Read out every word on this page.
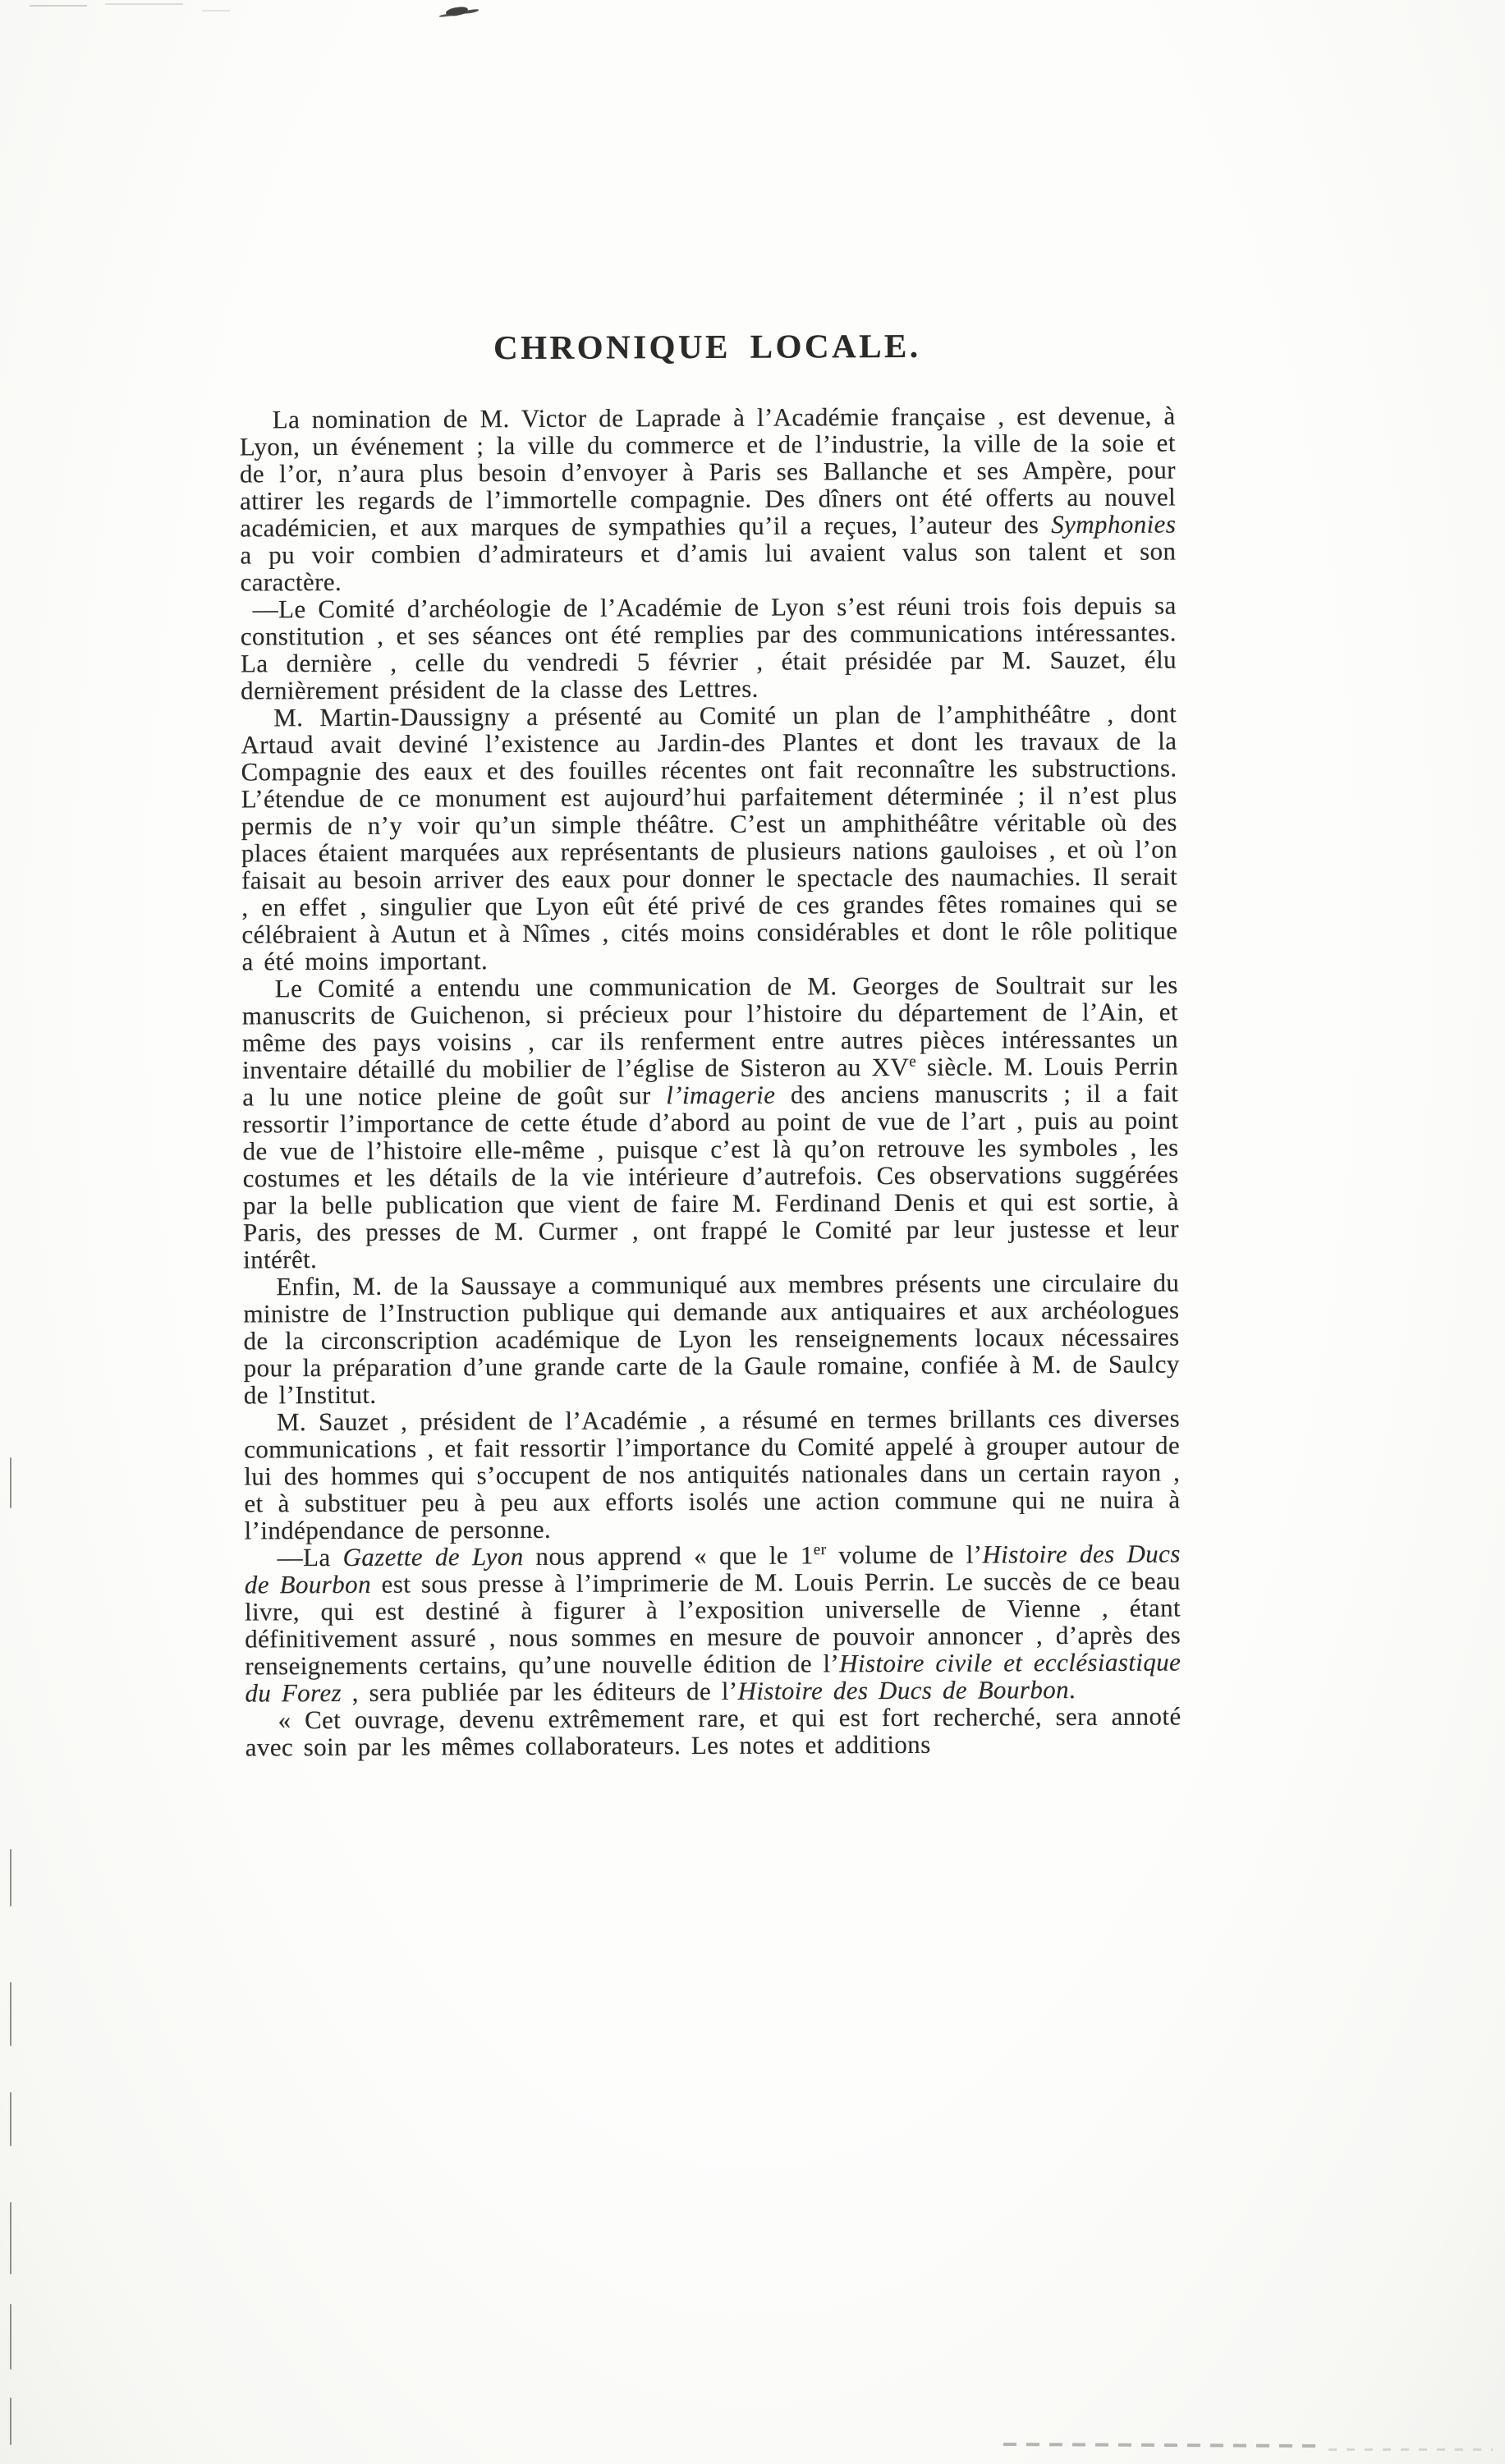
CHRONIQUE LOCALE.

La nomination de M. Victor de Laprade à l’Académie française , est devenue, à Lyon, un événement ; la ville du commerce et de l’industrie, la ville de la soie et de l’or, n’aura plus besoin d’envoyer à Paris ses Ballanche et ses Ampère, pour attirer les regards de l’immortelle compagnie. Des dîners ont été offerts au nouvel académicien, et aux marques de sympathies qu’il a reçues, l’auteur des Symphonies a pu voir combien d’admirateurs et d’amis lui avaient valus son talent et son caractère.

—Le Comité d’archéologie de l’Académie de Lyon s’est réuni trois fois depuis sa constitution , et ses séances ont été remplies par des communications intéressantes. La dernière , celle du vendredi 5 février , était présidée par M. Sauzet, élu dernièrement président de la classe des Lettres.

M. Martin-Daussigny a présenté au Comité un plan de l’amphithéâtre , dont Artaud avait deviné l’existence au Jardin-des Plantes et dont les travaux de la Compagnie des eaux et des fouilles récentes ont fait reconnaître les substructions. L’étendue de ce monument est aujourd’hui parfaitement déterminée ; il n’est plus permis de n’y voir qu’un simple théâtre. C’est un amphithéâtre véritable où des places étaient marquées aux représentants de plusieurs nations gauloises , et où l’on faisait au besoin arriver des eaux pour donner le spectacle des naumachies. Il serait , en effet , singulier que Lyon eût été privé de ces grandes fêtes romaines qui se célébraient à Autun et à Nîmes , cités moins considérables et dont le rôle politique a été moins important.

Le Comité a entendu une communication de M. Georges de Soultrait sur les manuscrits de Guichenon, si précieux pour l’histoire du département de l’Ain, et même des pays voisins , car ils renferment entre autres pièces intéressantes un inventaire détaillé du mobilier de l’église de Sisteron au XVe siècle. M. Louis Perrin a lu une notice pleine de goût sur l’imagerie des anciens manuscrits ; il a fait ressortir l’importance de cette étude d’abord au point de vue de l’art , puis au point de vue de l’histoire elle-même , puisque c’est là qu’on retrouve les symboles , les costumes et les détails de la vie intérieure d’autrefois. Ces observations suggérées par la belle publication que vient de faire M. Ferdinand Denis et qui est sortie, à Paris, des presses de M. Curmer , ont frappé le Comité par leur justesse et leur intérêt.

Enfin, M. de la Saussaye a communiqué aux membres présents une circulaire du ministre de l’Instruction publique qui demande aux antiquaires et aux archéologues de la circonscription académique de Lyon les renseignements locaux nécessaires pour la préparation d’une grande carte de la Gaule romaine, confiée à M. de Saulcy de l’Institut.

M. Sauzet , président de l’Académie , a résumé en termes brillants ces diverses communications , et fait ressortir l’importance du Comité appelé à grouper autour de lui des hommes qui s’occupent de nos antiquités nationales dans un certain rayon , et à substituer peu à peu aux efforts isolés une action commune qui ne nuira à l’indépendance de personne.

—La Gazette de Lyon nous apprend « que le 1er volume de l’Histoire des Ducs de Bourbon est sous presse à l’imprimerie de M. Louis Perrin. Le succès de ce beau livre, qui est destiné à figurer à l’exposition universelle de Vienne , étant définitivement assuré , nous sommes en mesure de pouvoir annoncer , d’après des renseignements certains, qu’une nouvelle édition de l’Histoire civile et ecclésiastique du Forez , sera publiée par les éditeurs de l’Histoire des Ducs de Bourbon.

« Cet ouvrage, devenu extrêmement rare, et qui est fort recherché, sera annoté avec soin par les mêmes collaborateurs. Les notes et additions
